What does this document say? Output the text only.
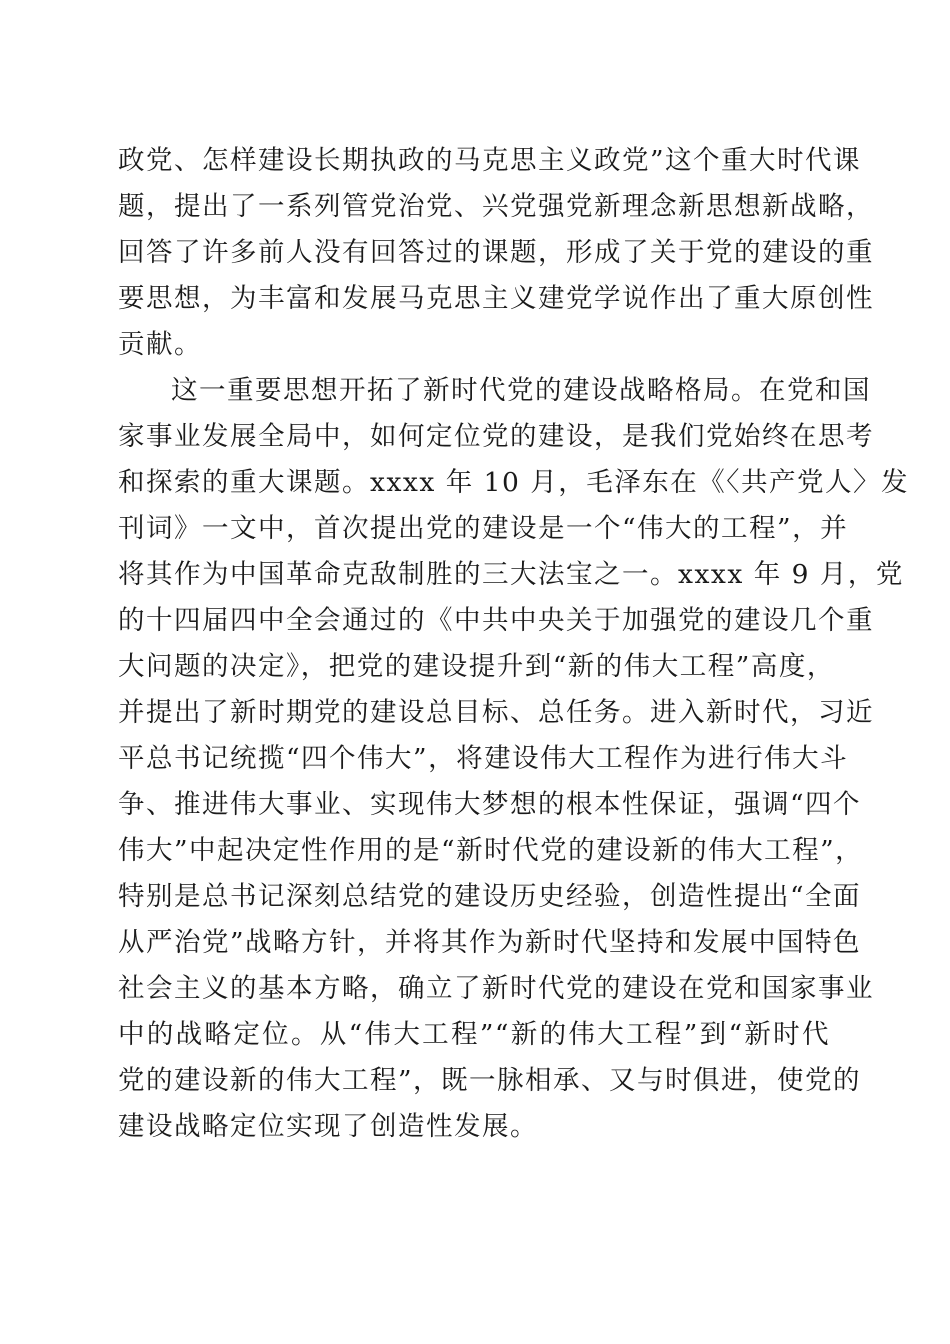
政党、怎样建设长期执政的马克思主义政党”这个重大时代课
题，提出了一系列管党治党、兴党强党新理念新思想新战略，
回答了许多前人没有回答过的课题，形成了关于党的建设的重
要思想，为丰富和发展马克思主义建党学说作出了重大原创性
贡献。
这一重要思想开拓了新时代党的建设战略格局。在党和国
家事业发展全局中，如何定位党的建设，是我们党始终在思考
和探索的重大课题。xxxx 年 10 月，毛泽东在《〈共产党人〉发
刊词》一文中，首次提出党的建设是一个“伟大的工程”，并
将其作为中国革命克敌制胜的三大法宝之一。xxxx 年 9 月，党
的十四届四中全会通过的《中共中央关于加强党的建设几个重
大问题的决定》，把党的建设提升到“新的伟大工程”高度，
并提出了新时期党的建设总目标、总任务。进入新时代，习近
平总书记统揽“四个伟大”，将建设伟大工程作为进行伟大斗
争、推进伟大事业、实现伟大梦想的根本性保证，强调“四个
伟大”中起决定性作用的是“新时代党的建设新的伟大工程”，
特别是总书记深刻总结党的建设历史经验，创造性提出“全面
从严治党”战略方针，并将其作为新时代坚持和发展中国特色
社会主义的基本方略，确立了新时代党的建设在党和国家事业
中的战略定位。从“伟大工程”“新的伟大工程”到“新时代
党的建设新的伟大工程”，既一脉相承、又与时俱进，使党的
建设战略定位实现了创造性发展。
